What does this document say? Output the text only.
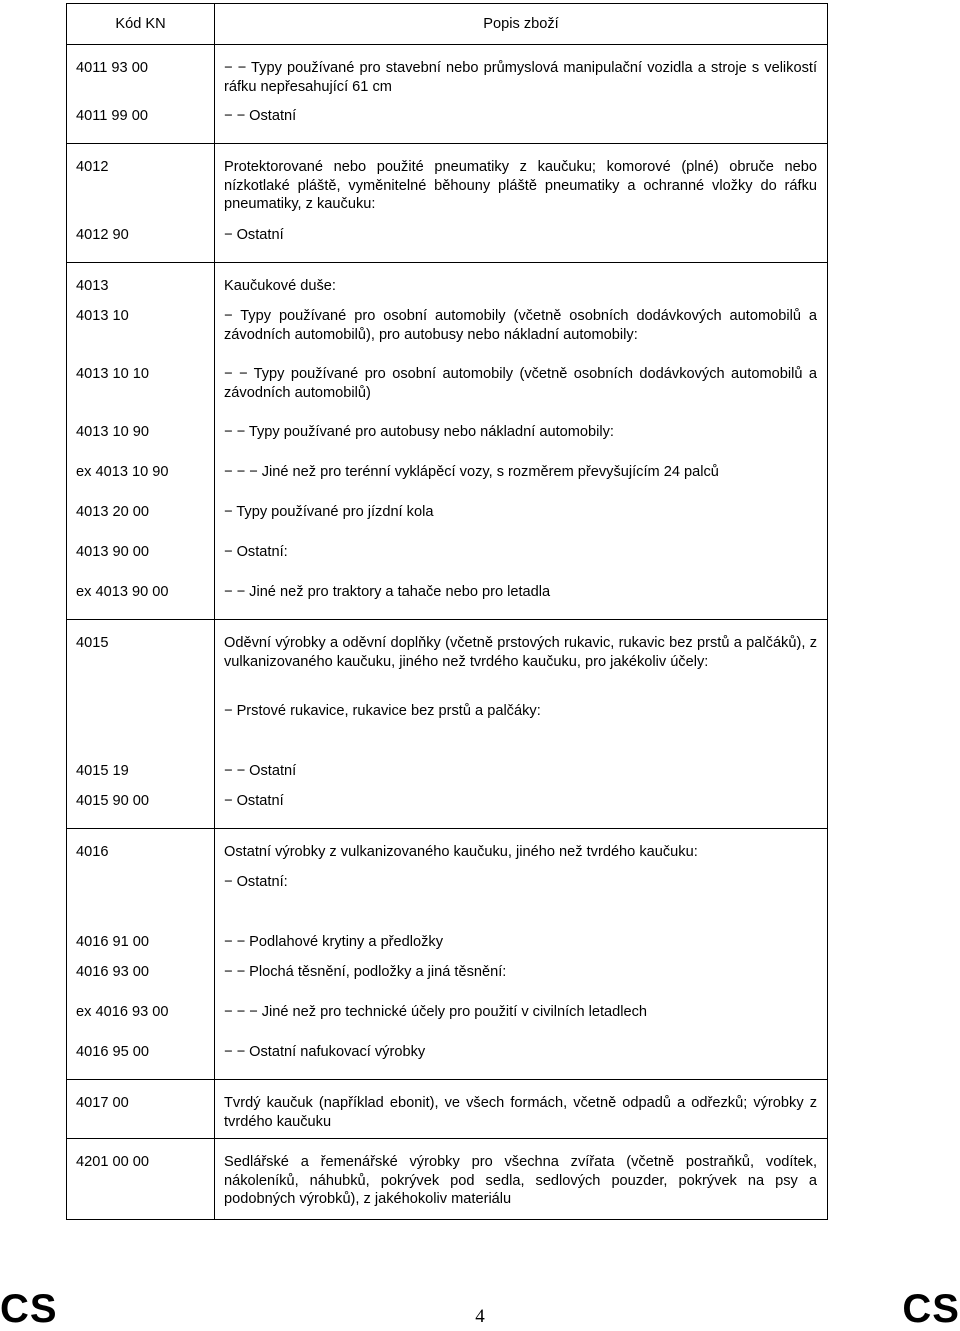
Kód KN	Popis zboží
4011 93 00	− − Typy používané pro stavební nebo průmyslová manipulační vozidla a stroje s velikostí ráfku nepřesahující 61 cm

4011 99 00	− − Ostatní

4012	Protektorované nebo použité pneumatiky z kaučuku; komorové (plné) obruče nebo nízkotlaké pláště, vyměnitelné běhouny pláště pneumatiky a ochranné vložky do ráfku pneumatiky, z kaučuku:

4012 90	− Ostatní

4013	Kaučukové duše:

4013 10	− Typy používané pro osobní automobily (včetně osobních dodávkových automobilů a závodních automobilů), pro autobusy nebo nákladní automobily:

4013 10 10	− − Typy používané pro osobní automobily (včetně osobních dodávkových automobilů a závodních automobilů)

4013 10 90	− − Typy používané pro autobusy nebo nákladní automobily:

ex 4013 10 90	− − − Jiné než pro terénní vyklápěcí vozy, s rozměrem převyšujícím 24 palců

4013 20 00	− Typy používané pro jízdní kola

4013 90 00	− Ostatní:

ex 4013 90 00	− − Jiné než pro traktory a tahače nebo pro letadla

4015	Oděvní výrobky a oděvní doplňky (včetně prstových rukavic, rukavic bez prstů a palčáků), z vulkanizovaného kaučuku, jiného než tvrdého kaučuku, pro jakékoliv účely:

	− Prstové rukavice, rukavice bez prstů a palčáky:

4015 19	− − Ostatní

4015 90 00	− Ostatní

4016	Ostatní výrobky z vulkanizovaného kaučuku, jiného než tvrdého kaučuku:

	− Ostatní:

4016 91 00	− − Podlahové krytiny a předložky

4016 93 00	− − Plochá těsnění, podložky a jiná těsnění:

ex 4016 93 00	− − − Jiné než pro technické účely pro použití v civilních letadlech

4016 95 00	− − Ostatní nafukovací výrobky

4017 00	Tvrdý kaučuk (například ebonit), ve všech formách, včetně odpadů a odřezků; výrobky z tvrdého kaučuku

4201 00 00	Sedlářské a řemenářské výrobky pro všechna zvířata (včetně postraňků, vodítek, nákoleníků, náhubků, pokrývek pod sedla, sedlových pouzder, pokrývek na psy a podobných výrobků), z jakéhokoliv materiálu
CS	4	CS
